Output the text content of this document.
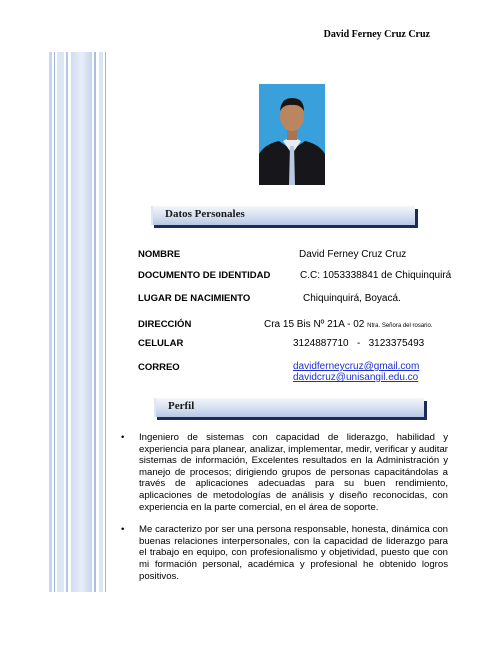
David Ferney Cruz Cruz
Datos Personales
NOMBRE	David Ferney Cruz Cruz
DOCUMENTO DE IDENTIDAD	C.C: 1053338841 de Chiquinquirá
LUGAR DE NACIMIENTO	Chiquinquirá, Boyacá.
DIRECCIÓN	Cra 15 Bis Nº 21A - 02 Ntra. Señora del rosario.
CELULAR	3124887710   -   3123375493
CORREO	davidferneycruz@gmail.com
davidcruz@unisangil.edu.co
Perfil
• Ingeniero de sistemas con capacidad de liderazgo, habilidad y experiencia para planear, analizar, implementar, medir, verificar y auditar sistemas de información, Excelentes resultados en la Administración y manejo de procesos; dirigiendo grupos de personas capacitándolas a través de aplicaciones adecuadas para su buen rendimiento, aplicaciones de metodologías de análisis y diseño reconocidas, con experiencia en la parte comercial, en el área de soporte.
• Me caracterizo por ser una persona responsable, honesta, dinámica con buenas relaciones interpersonales, con la capacidad de liderazgo para el trabajo en equipo, con profesionalismo y objetividad, puesto que con mi formación personal, académica y profesional he obtenido logros positivos.
